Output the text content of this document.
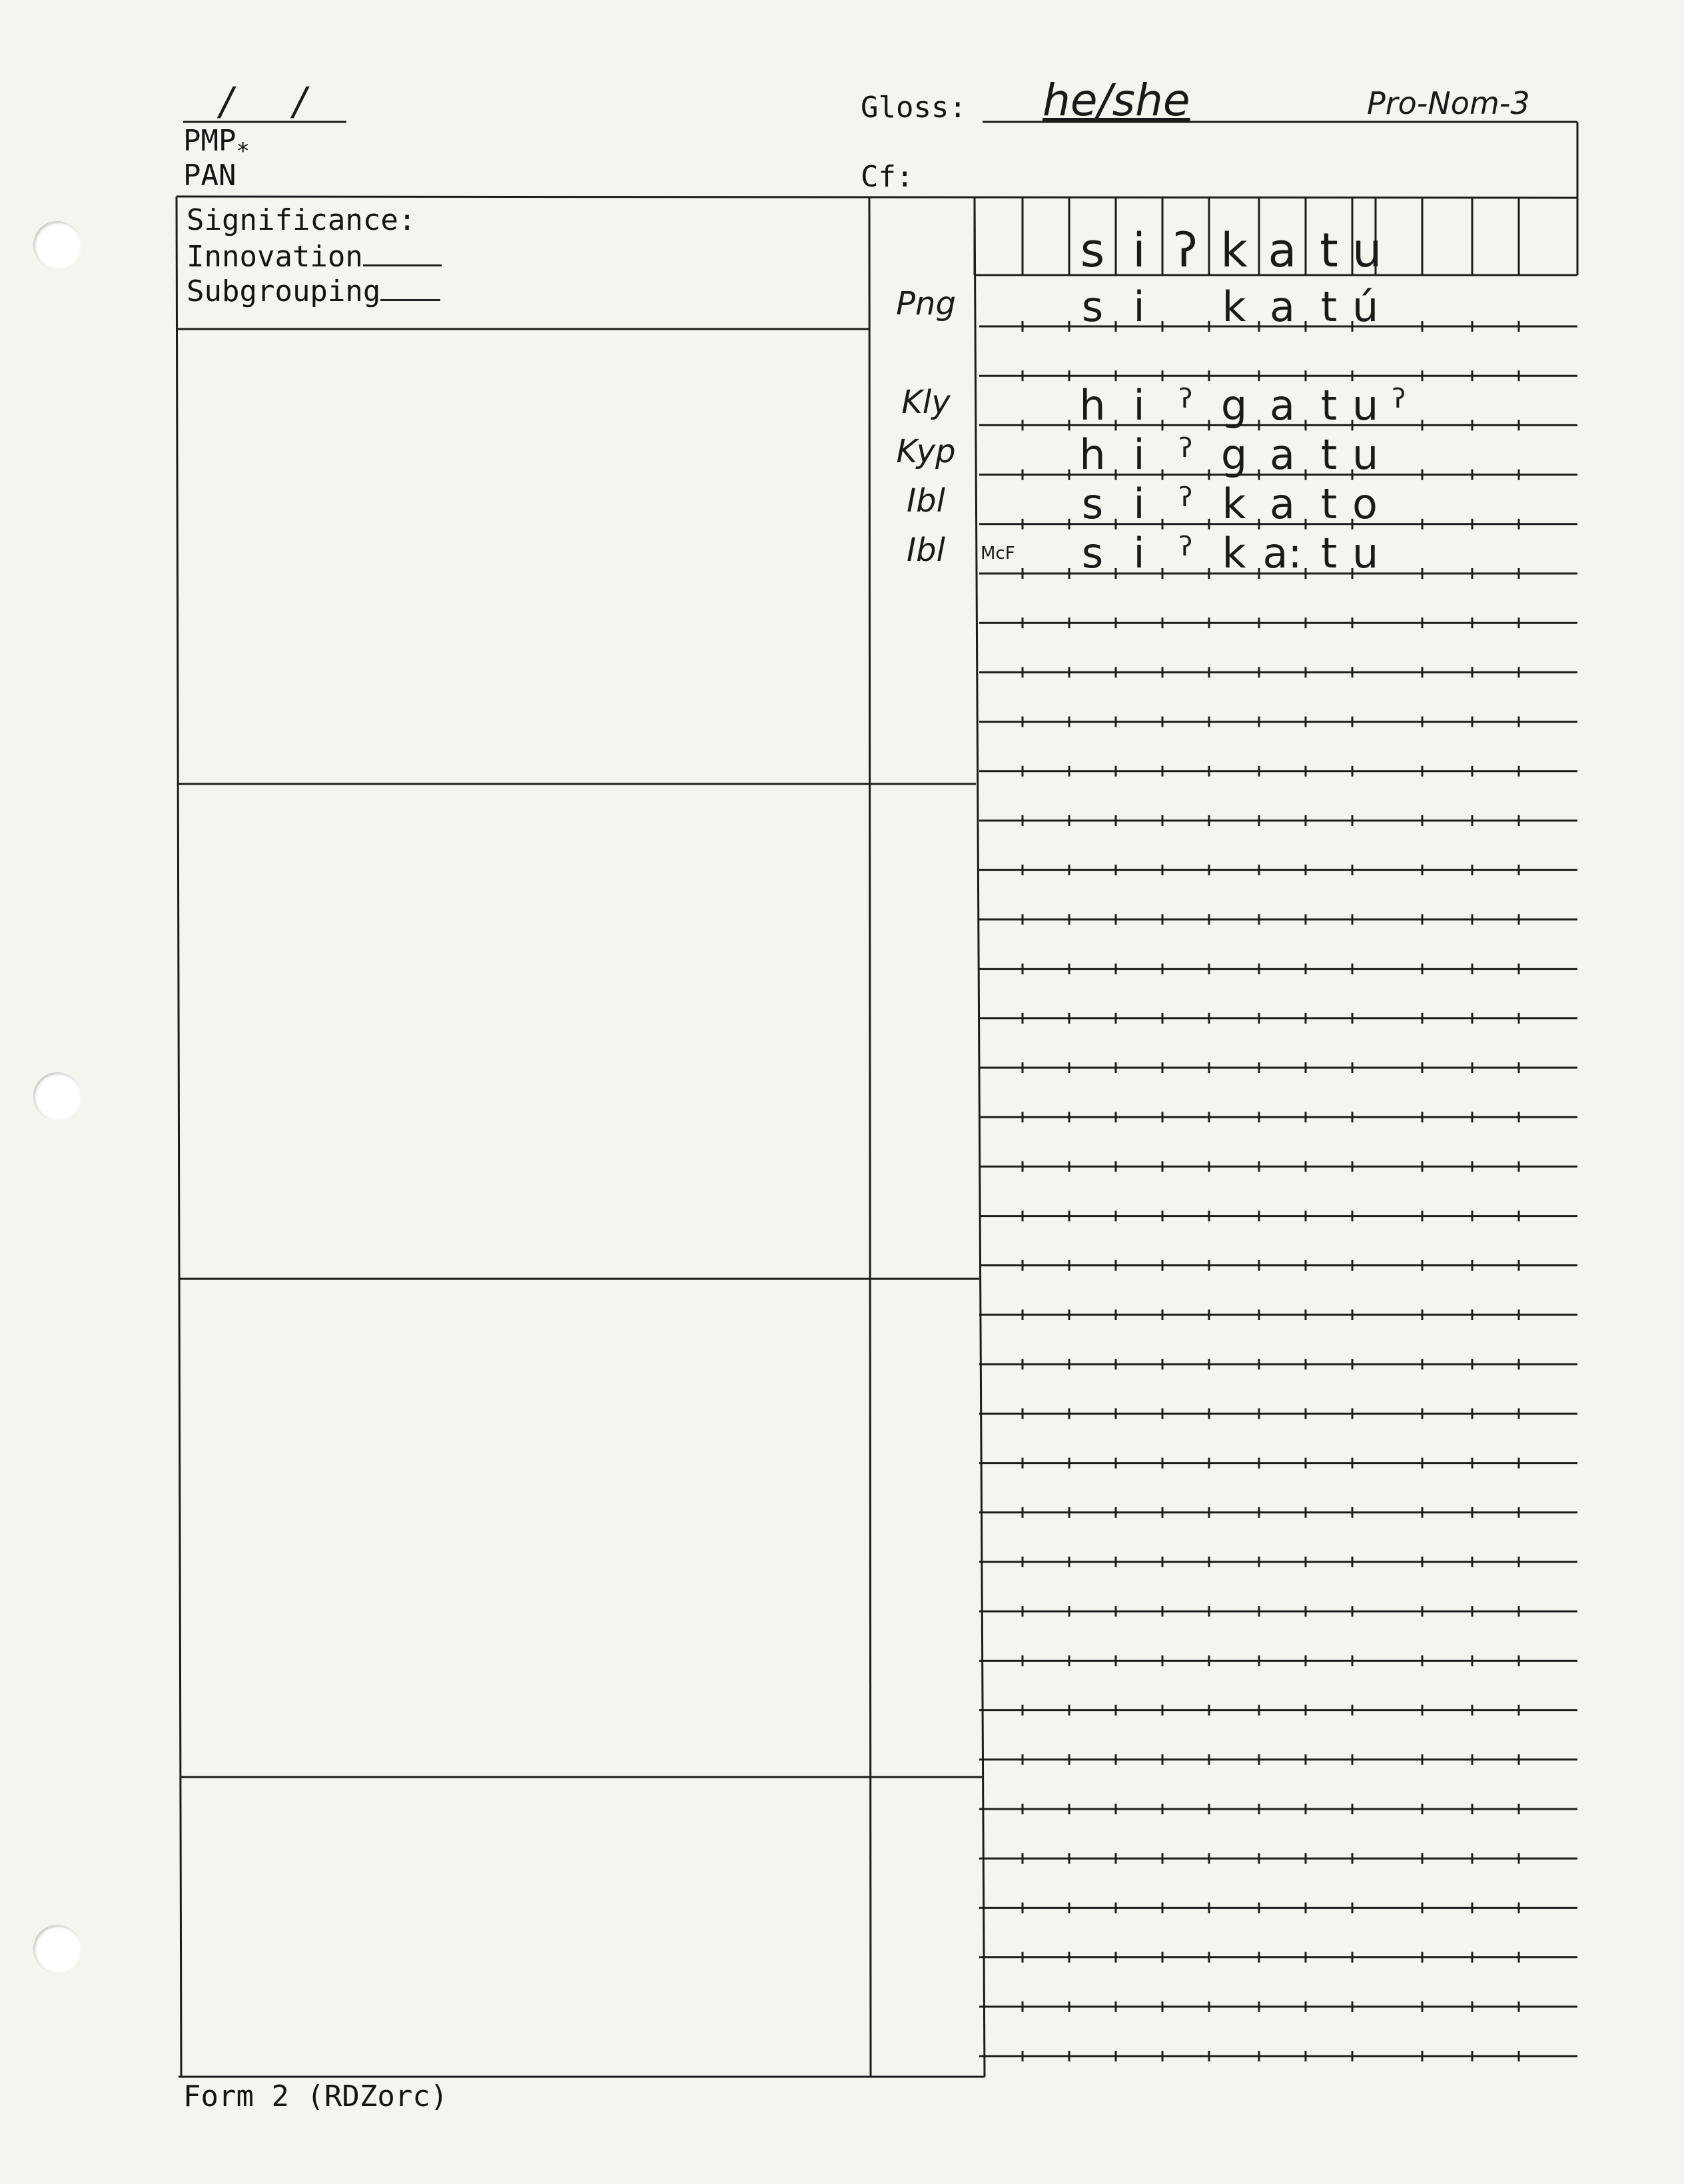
/ /
$PMP_*$
PAN
Gloss: he/she	Pro-Nom-3
Cf:
Significance:
Innovation
Subgrouping
s i ʔ k a t u
Png	s i	k a t ú
Kly	h i	ʔ g a t u ʔ
Kyp	h i	ʔ g a t u
Ibl	s i	ʔ k a t o
Ibl	McF	s i	ʔ k a: t u
Form 2 (RDZorc)
